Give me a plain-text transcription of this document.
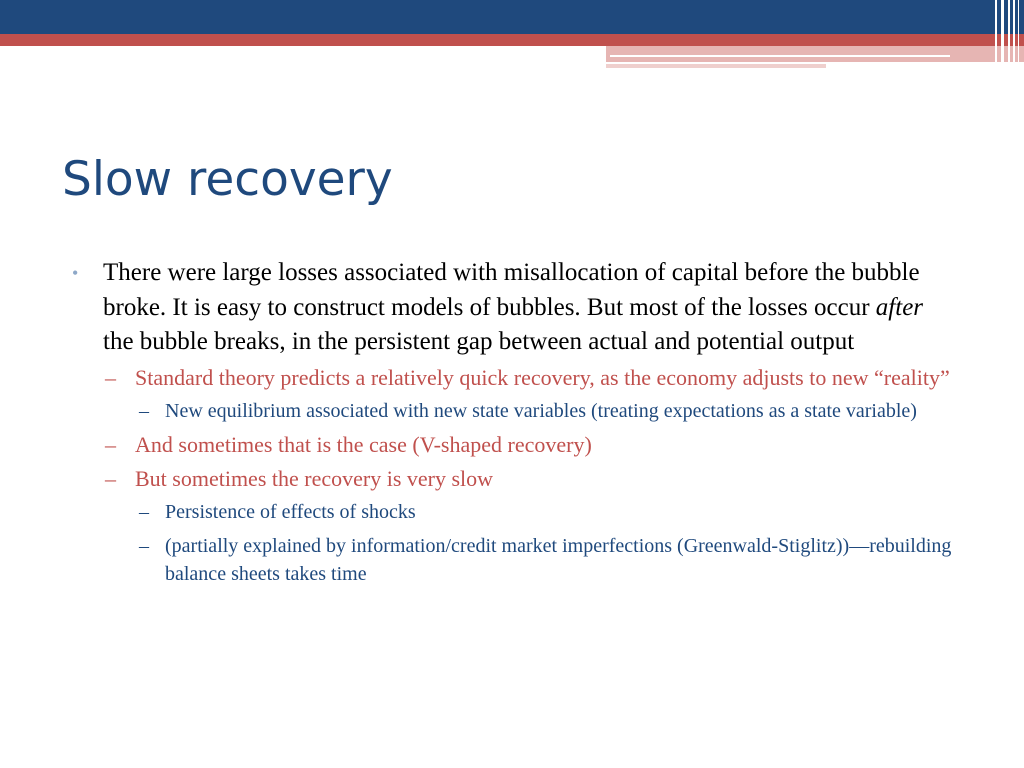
Slow recovery

• There were large losses associated with misallocation of capital before the bubble broke. It is easy to construct models of bubbles. But most of the losses occur after the bubble breaks, in the persistent gap between actual and potential output

– Standard theory predicts a relatively quick recovery, as the economy adjusts to new “reality”

– New equilibrium associated with new state variables (treating expectations as a state variable)

– And sometimes that is the case (V-shaped recovery)

– But sometimes the recovery is very slow

– Persistence of effects of shocks

– (partially explained by information/credit market imperfections (Greenwald-Stiglitz))—rebuilding balance sheets takes time
